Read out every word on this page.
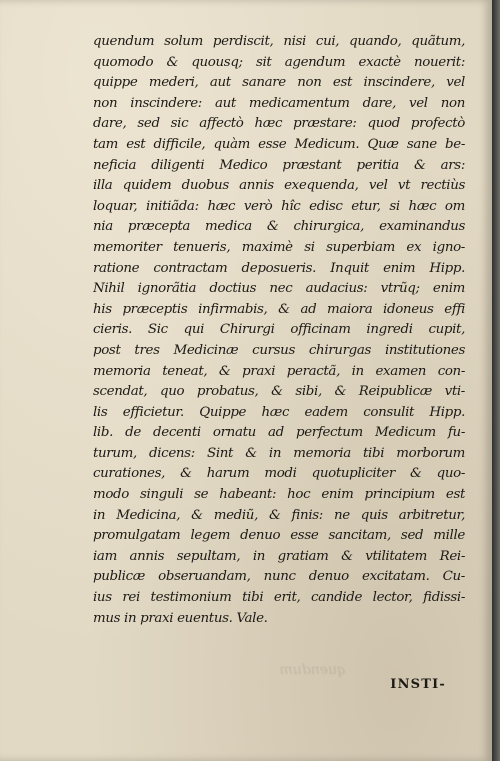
quendum
quendum solum perdiscit, nisi cui, quando, quãtum,
quomodo & quousq; sit agendum exactè nouerit:
quippe mederi, aut sanare non est inscindere, vel
non inscindere: aut medicamentum dare, vel non
dare, sed sic affectò hæc præstare: quod profectò
tam est difficile, quàm esse Medicum. Quæ sane be-
neficia diligenti Medico præstant peritia & ars:
illa quidem duobus annis exequenda, vel vt rectiùs
loquar, initiãda: hæc verò hîc edisc etur, si hæc om
nia præcepta medica & chirurgica, examinandus
memoriter tenueris, maximè si superbiam ex igno-
ratione contractam deposueris. Inquit enim Hipp.
Nihil ignorãtia doctius nec audacius: vtrũq; enim
his præceptis infirmabis, & ad maiora idoneus effi
cieris. Sic qui Chirurgi officinam ingredi cupit,
post tres Medicinæ cursus chirurgas institutiones
memoria teneat, & praxi peractã, in examen con-
scendat, quo probatus, & sibi, & Reipublicæ vti-
lis efficietur. Quippe hæc eadem consulit Hipp.
lib. de decenti ornatu ad perfectum Medicum fu-
turum, dicens: Sint & in memoria tibi morborum
curationes, & harum modi quotupliciter & quo-
modo singuli se habeant: hoc enim principium est
in Medicina, & mediũ, & finis: ne quis arbitretur,
promulgatam legem denuo esse sancitam, sed mille
iam annis sepultam, in gratiam & vtilitatem Rei-
publicæ obseruandam, nunc denuo excitatam. Cu-
ius rei testimonium tibi erit, candide lector, fidissi-
mus in praxi euentus. Vale.
INSTI-
